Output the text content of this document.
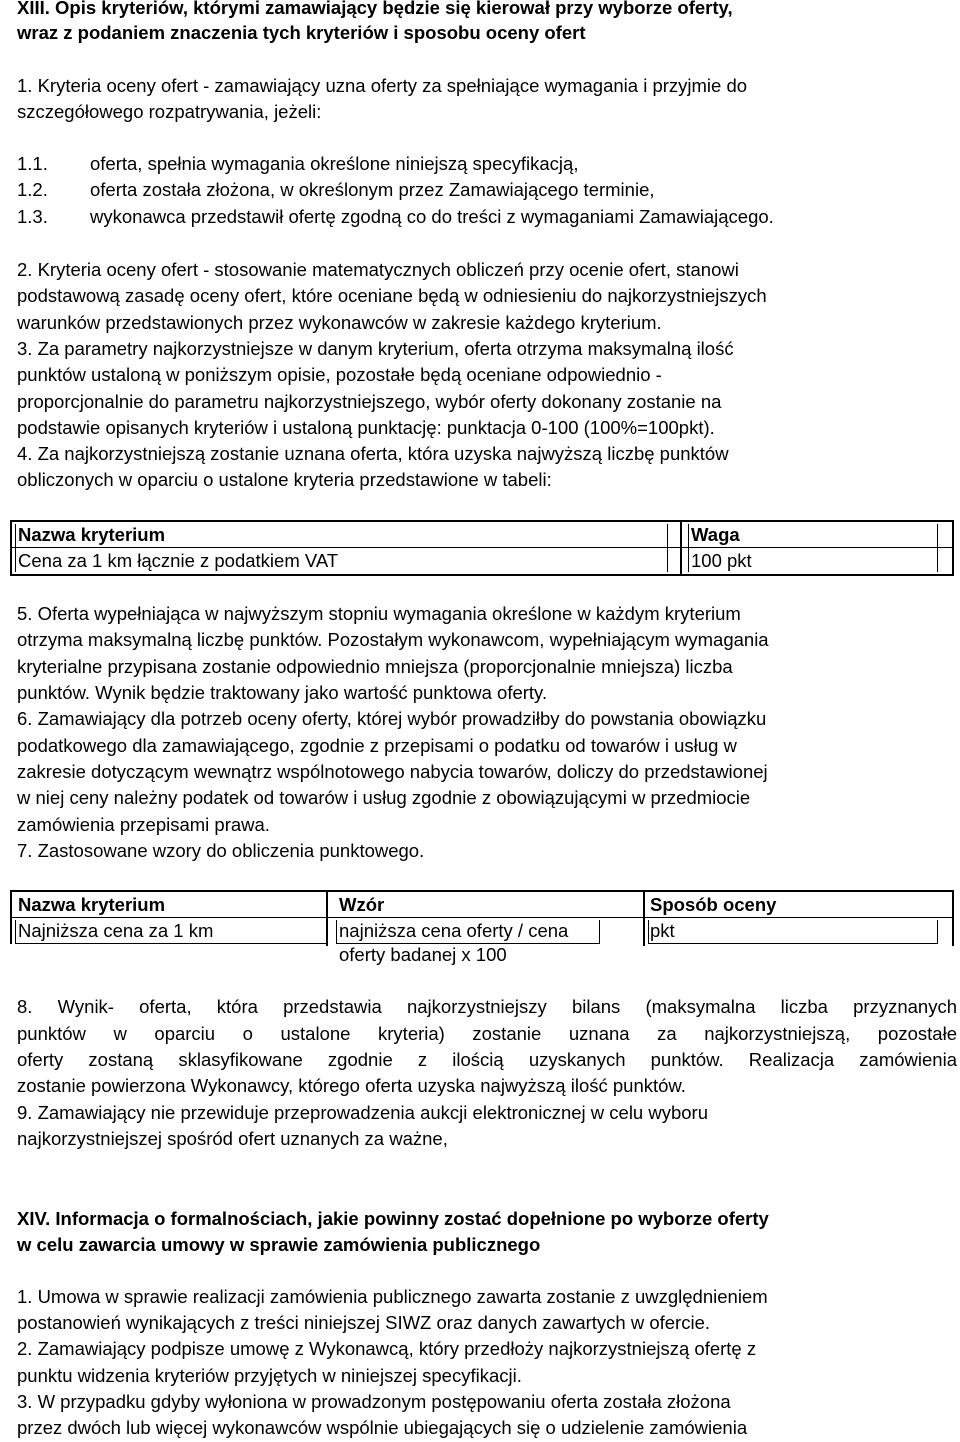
XIII. Opis kryteriów, którymi zamawiający będzie się kierował przy wyborze oferty,
wraz z podaniem znaczenia tych kryteriów i sposobu oceny ofert
1. Kryteria oceny ofert - zamawiający uzna oferty za spełniające wymagania i przyjmie do
szczegółowego rozpatrywania, jeżeli:
1.1. oferta, spełnia wymagania określone niniejszą specyfikacją,
1.2. oferta została złożona, w określonym przez Zamawiającego terminie,
1.3. wykonawca przedstawił ofertę zgodną co do treści z wymaganiami Zamawiającego.
2. Kryteria oceny ofert - stosowanie matematycznych obliczeń przy ocenie ofert, stanowi
podstawową zasadę oceny ofert, które oceniane będą w odniesieniu do najkorzystniejszych
warunków przedstawionych przez wykonawców w zakresie każdego kryterium.
3. Za parametry najkorzystniejsze w danym kryterium, oferta otrzyma maksymalną ilość
punktów ustaloną w poniższym opisie, pozostałe będą oceniane odpowiednio -
proporcjonalnie do parametru najkorzystniejszego, wybór oferty dokonany zostanie na
podstawie opisanych kryteriów i ustaloną punktację: punktacja 0-100 (100%=100pkt).
4. Za najkorzystniejszą zostanie uznana oferta, która uzyska najwyższą liczbę punktów
obliczonych w oparciu o ustalone kryteria przedstawione w tabeli:
Nazwa kryterium	Waga
Cena za 1 km łącznie z podatkiem VAT	100 pkt
5. Oferta wypełniająca w najwyższym stopniu wymagania określone w każdym kryterium
otrzyma maksymalną liczbę punktów. Pozostałym wykonawcom, wypełniającym wymagania
kryterialne przypisana zostanie odpowiednio mniejsza (proporcjonalnie mniejsza) liczba
punktów. Wynik będzie traktowany jako wartość punktowa oferty.
6. Zamawiający dla potrzeb oceny oferty, której wybór prowadziłby do powstania obowiązku
podatkowego dla zamawiającego, zgodnie z przepisami o podatku od towarów i usług w
zakresie dotyczącym wewnątrz wspólnotowego nabycia towarów, doliczy do przedstawionej
w niej ceny należny podatek od towarów i usług zgodnie z obowiązującymi w przedmiocie
zamówienia przepisami prawa.
7. Zastosowane wzory do obliczenia punktowego.
Nazwa kryterium	Wzór	Sposób oceny
Najniższa cena za 1 km	najniższa cena oferty / cena	pkt
oferty badanej x 100
8. Wynik- oferta, która przedstawia najkorzystniejszy bilans (maksymalna liczba przyznanych
punktów w oparciu o ustalone kryteria) zostanie uznana za najkorzystniejszą, pozostałe
oferty zostaną sklasyfikowane zgodnie z ilością uzyskanych punktów. Realizacja zamówienia
zostanie powierzona Wykonawcy, którego oferta uzyska najwyższą ilość punktów.
9. Zamawiający nie przewiduje przeprowadzenia aukcji elektronicznej w celu wyboru
najkorzystniejszej spośród ofert uznanych za ważne,
XIV. Informacja o formalnościach, jakie powinny zostać dopełnione po wyborze oferty
w celu zawarcia umowy w sprawie zamówienia publicznego
1. Umowa w sprawie realizacji zamówienia publicznego zawarta zostanie z uwzględnieniem
postanowień wynikających z treści niniejszej SIWZ oraz danych zawartych w ofercie.
2. Zamawiający podpisze umowę z Wykonawcą, który przedłoży najkorzystniejszą ofertę z
punktu widzenia kryteriów przyjętych w niniejszej specyfikacji.
3. W przypadku gdyby wyłoniona w prowadzonym postępowaniu oferta została złożona
przez dwóch lub więcej wykonawców wspólnie ubiegających się o udzielenie zamówienia
